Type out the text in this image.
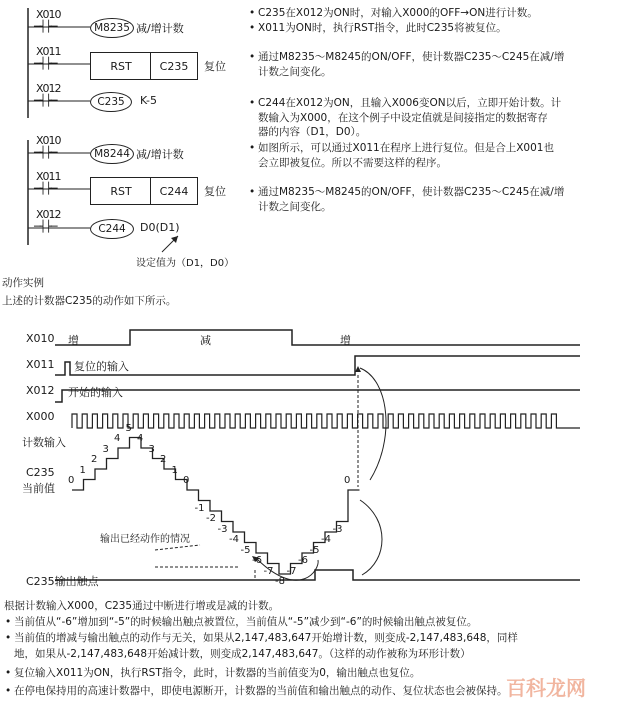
X010
─┤├─	M8235 减/增计数
X011
─┤├─	RST	C235	复位
X012
─┤├─	C235	K-5
X010
─┤├─	M8244 减/增计数
X011
─┤├─	RST	C244	复位
X012
─┤├─	C244	D0(D1)
设定值为（D1，D0）
• C235在X012为ON时，对输入X000的OFF→ON进行计数。
• X011为ON时，执行RST指令，此时C235将被复位。
• 通过M8235～M8245的ON/OFF，使计数器C235～C245在减/增
计数之间变化。
• C244在X012为ON，且输入X006变ON以后，立即开始计数。计
数输入为X000，在这个例子中设定值就是间接指定的数据寄存
器的内容（D1，D0）。
• 如图所示，可以通过X011在程序上进行复位。但是合上X001也
会立即被复位。所以不需要这样的程序。
• 通过M8235～M8245的ON/OFF，使计数器C235～C245在减/增
计数之间变化。
动作实例
上述的计数器C235的动作如下所示。
X010 增	减	增
X011 复位的输入
X012 开始的输入
X000
计数输入
C235
当前值
0
1
2
3
4
5
4
3
2
1
0
-1
-2
-3
-4
-5
-6
-7
-8
-7
-6
-5
-4
-3
0
输出已经动作的情况
C235输出触点
根据计数输入X000，C235通过中断进行增或是减的计数。
• 当前值从“-6”增加到“-5”的时候输出触点被置位，当前值从“-5”减少到“-6”的时候输出触点被复位。
• 当前值的增减与输出触点的动作与无关，如果从2,147,483,647开始增计数，则变成-2,147,483,648，同样
地，如果从-2,147,483,648开始减计数，则变成2,147,483,647。（这样的动作被称为环形计数）
• 复位输入X011为ON，执行RST指令，此时，计数器的当前值变为0，输出触点也复位。
• 在停电保持用的高速计数器中，即使电源断开，计数器的当前值和输出触点的动作、复位状态也会被保持。
百科龙网
